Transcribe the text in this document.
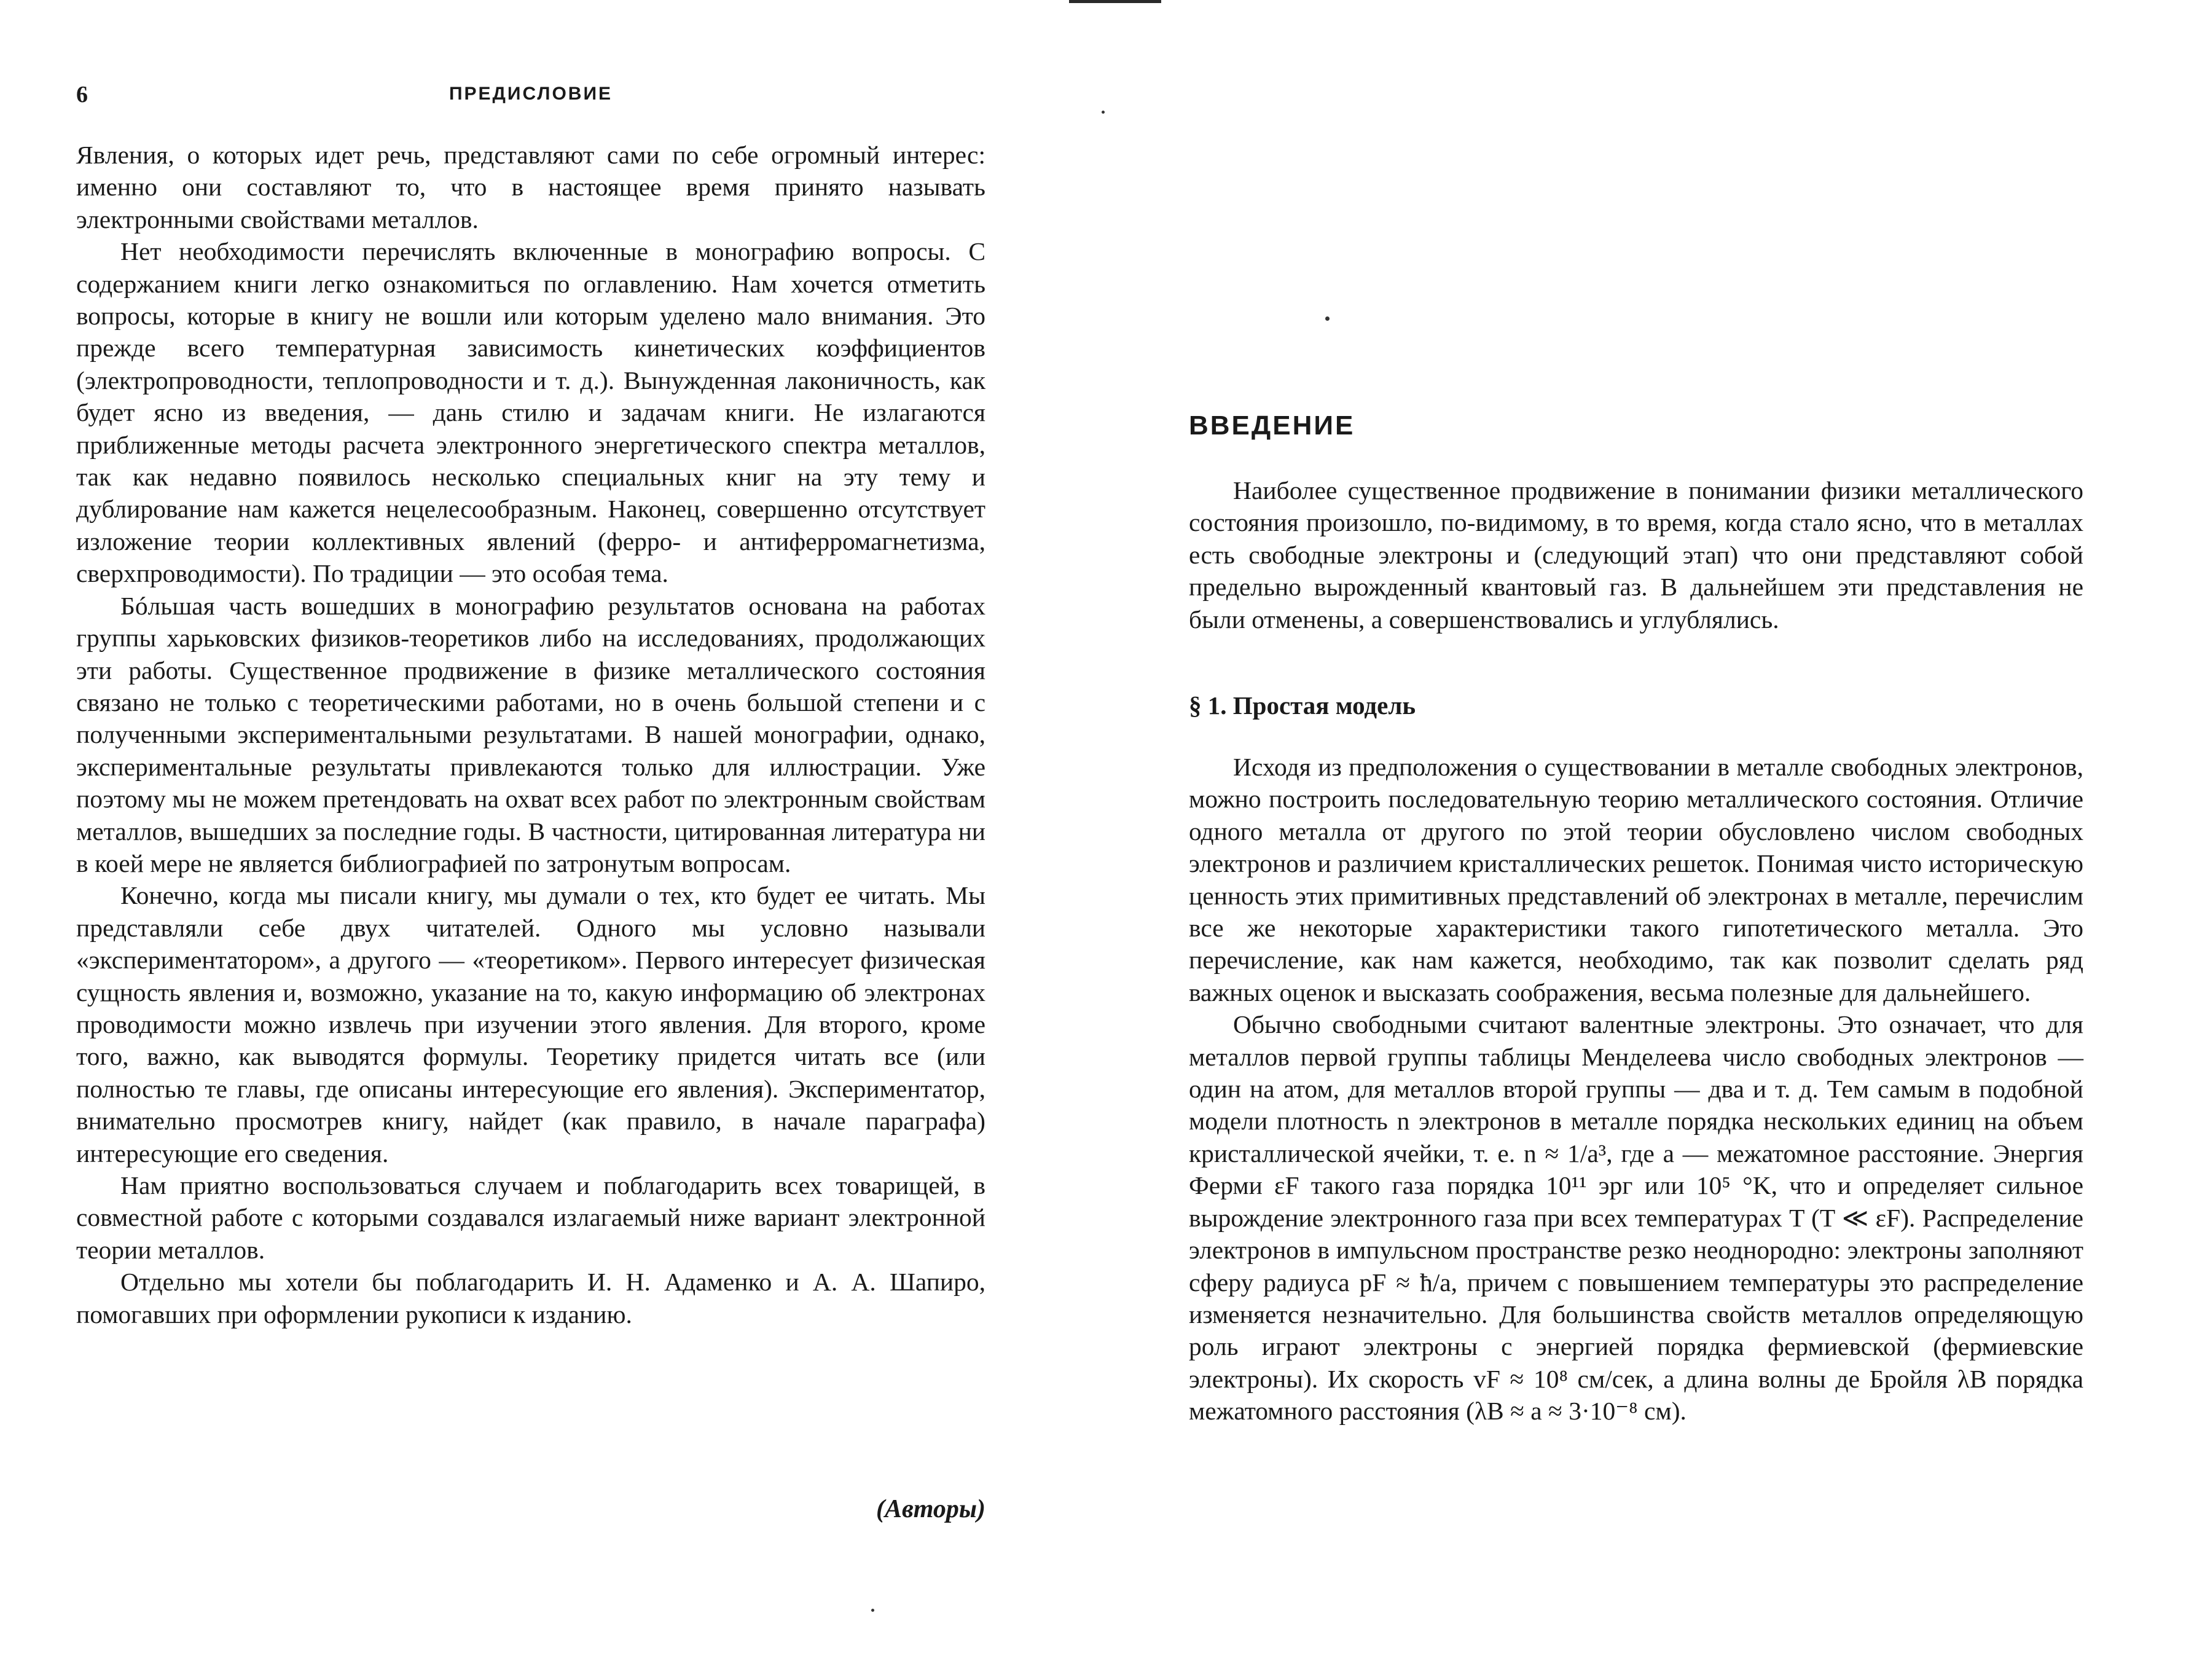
6	ПРЕДИСЛОВИЕ

Явления, о которых идет речь, представляют сами по себе огромный интерес: именно они составляют то, что в настоящее время принято называть электронными свойствами металлов.

Нет необходимости перечислять включенные в монографию вопросы. С содержанием книги легко ознакомиться по оглавлению. Нам хочется отметить вопросы, которые в книгу не вошли или которым уделено мало внимания. Это прежде всего температурная зависимость кинетических коэффициентов (электропроводности, теплопроводности и т. д.). Вынужденная лаконичность, как будет ясно из введения, — дань стилю и задачам книги. Не излагаются приближенные методы расчета электронного энергетического спектра металлов, так как недавно появилось несколько специальных книг на эту тему и дублирование нам кажется нецелесообразным. Наконец, совершенно отсутствует изложение теории коллективных явлений (ферро- и антиферромагнетизма, сверхпроводимости). По традиции — это особая тема.

Бóльшая часть вошедших в монографию результатов основана на работах группы харьковских физиков-теоретиков либо на исследованиях, продолжающих эти работы. Существенное продвижение в физике металлического состояния связано не только с теоретическими работами, но в очень большой степени и с полученными экспериментальными результатами. В нашей монографии, однако, экспериментальные результаты привлекаются только для иллюстрации. Уже поэтому мы не можем претендовать на охват всех работ по электронным свойствам металлов, вышедших за последние годы. В частности, цитированная литература ни в коей мере не является библиографией по затронутым вопросам.

Конечно, когда мы писали книгу, мы думали о тех, кто будет ее читать. Мы представляли себе двух читателей. Одного мы условно называли «экспериментатором», а другого — «теоретиком». Первого интересует физическая сущность явления и, возможно, указание на то, какую информацию об электронах проводимости можно извлечь при изучении этого явления. Для второго, кроме того, важно, как выводятся формулы. Теоретику придется читать все (или полностью те главы, где описаны интересующие его явления). Экспериментатор, внимательно просмотрев книгу, найдет (как правило, в начале параграфа) интересующие его сведения.

Нам приятно воспользоваться случаем и поблагодарить всех товарищей, в совместной работе с которыми создавался излагаемый ниже вариант электронной теории металлов.

Отдельно мы хотели бы поблагодарить И. Н. Адаменко и А. А. Шапиро, помогавших при оформлении рукописи к изданию.

(Авторы)
ВВЕДЕНИЕ

Наиболее существенное продвижение в понимании физики металлического состояния произошло, по-видимому, в то время, когда стало ясно, что в металлах есть свободные электроны и (следующий этап) что они представляют собой предельно вырожденный квантовый газ. В дальнейшем эти представления не были отменены, а совершенствовались и углублялись.

§ 1. Простая модель

Исходя из предположения о существовании в металле свободных электронов, можно построить последовательную теорию металлического состояния. Отличие одного металла от другого по этой теории обусловлено числом свободных электронов и различием кристаллических решеток. Понимая чисто историческую ценность этих примитивных представлений об электронах в металле, перечислим все же некоторые характеристики такого гипотетического металла. Это перечисление, как нам кажется, необходимо, так как позволит сделать ряд важных оценок и высказать соображения, весьма полезные для дальнейшего.

Обычно свободными считают валентные электроны. Это означает, что для металлов первой группы таблицы Менделеева число свободных электронов — один на атом, для металлов второй группы — два и т. д. Тем самым в подобной модели плотность n электронов в металле порядка нескольких единиц на объем кристаллической ячейки, т. е. n ≈ 1/a³, где a — межатомное расстояние. Энергия Ферми εF такого газа порядка 10¹¹ эрг или 10⁵ °K, что и определяет сильное вырождение электронного газа при всех температурах T (T ≪ εF). Распределение электронов в импульсном пространстве резко неоднородно: электроны заполняют сферу радиуса pF ≈ ħ/a, причем с повышением температуры это распределение изменяется незначительно. Для большинства свойств металлов определяющую роль играют электроны с энергией порядка фермиевской (фермиевские электроны). Их скорость vF ≈ 10⁸ см/сек, а длина волны де Бройля λB порядка межатомного расстояния (λB ≈ a ≈ 3·10⁻⁸ см).
